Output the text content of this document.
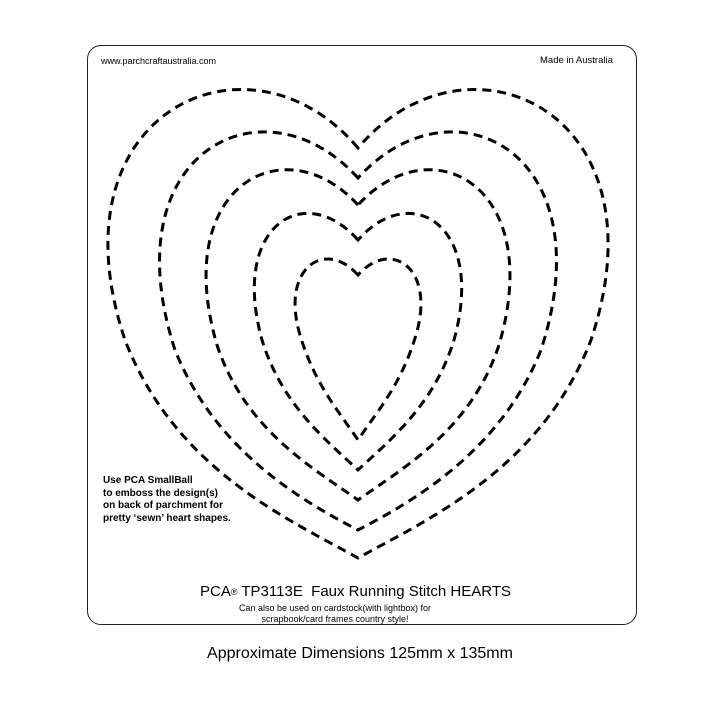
www.parchcraftaustralia.com	Made in Australia
Use PCA SmallBall
to emboss the design(s)
on back of parchment for
pretty ‘sewn’ heart shapes.
PCA® TP3113E Faux Running Stitch HEARTS
Can also be used on cardstock(with lightbox) for
scrapbook/card frames country style!
Approximate Dimensions 125mm x 135mm
